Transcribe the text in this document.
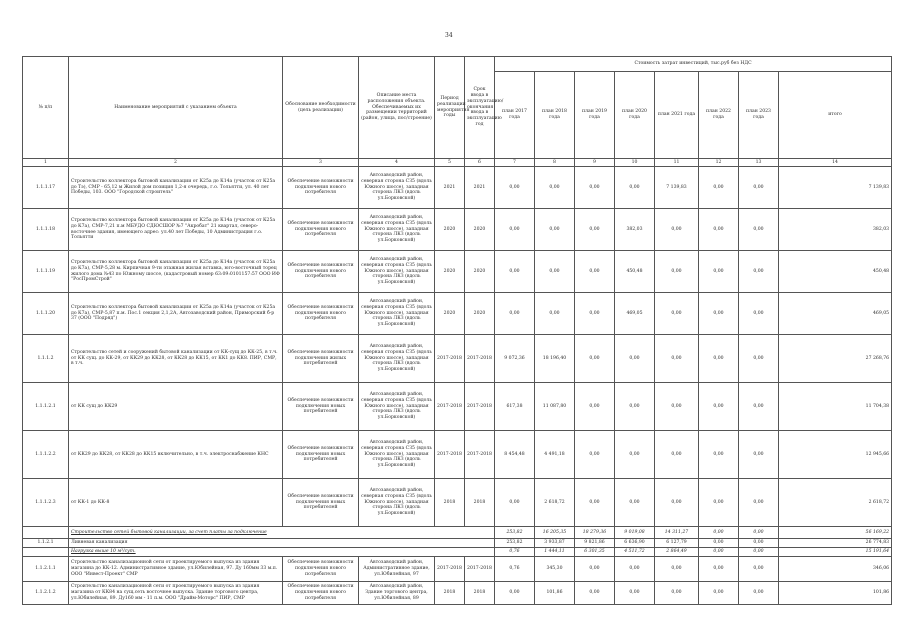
34
№ п/п	Наименование мероприятий с указанием объекта	Обоснование необходимости (цель реализации)	Описание места расположения объекта. Обеспечиваемых их размещении территорий (район, улица, пос/строение)	Период реализации мероприятия годы	Срок ввода в эксплуатацию/ окончания ввода в эксплуатацию год	Стоимость затрат инвестиций, тыс.руб без НДС							
						план 2017 года	план 2018 года	план 2019 года	план 2020 года	план 2021 года	план 2022 года	план 2023 года	итого
1	2	3	4	5	6	7	8	9	10	11	12	13	14
1.1.1.17	Строительство коллектора бытовой канализации от К25а до К14а (участок от К25а до Тэ), СМР - 65,12 м Жилой дом позиция 1,2-я очередь, г.о. Тольятти, ул. 40 лет Победы, 103. ООО "Городской строитель"	Обеспечение возможности подключения нового потребителя	Автозаводский район, северная сторона СЗ5 (вдоль Южного шоссе), западная сторона ЛКЗ (вдоль ул.Борковской)	2021	2021	0,00	0,00	0,00	0,00	7 139,83	0,00	0,00	7 139,83
1.1.1.18	Строительство коллектора бытовой канализации от К25а до К14а (участок от К25а до К7а), СМР-7,21 п.м МБУДО СДЮСШОР №7 "Акробат" 21 квартал, северо-восточнее здания, имеющего адрес: ул.40 лет Победы, 10 Администрация г.о. Тольятти	Обеспечение возможности подключения нового потребителя	Автозаводский район, северная сторона СЗ5 (вдоль Южного шоссе), западная сторона ЛКЗ (вдоль ул.Борковской)	2020	2020	0,00	0,00	0,00	382,03	0,00	0,00	0,00	382,03
1.1.1.19	Строительство коллектора бытовой канализации от К25а до К14а (участок от К25а до К7а), СМР-5,28 м. Кирпичная 9-ти этажная жилая вставка, юго-восточный торец жилого дома №43 по Южному шоссе, (кадастровый номер 63:09:0101157:57 ООО ИФ "РосПромСтрой"	Обеспечение возможности подключения нового потребителя	Автозаводский район, северная сторона СЗ5 (вдоль Южного шоссе), западная сторона ЛКЗ (вдоль ул.Борковской)	2020	2020	0,00	0,00	0,00	450,48	0,00	0,00	0,00	450,48
1.1.1.20	Строительство коллектора бытовой канализации от К25а до К14а (участок от К25а до К7а), СМР-5,87 п.м. Пос.1 секция 2,1,2А, Автозаводский район, Приморский б-р 37 (ООО "Подряд")	Обеспечение возможности подключения нового потребителя	Автозаводский район, северная сторона СЗ5 (вдоль Южного шоссе), западная сторона ЛКЗ (вдоль ул.Борковской)	2020	2020	0,00	0,00	0,00	469,05	0,00	0,00	0,00	469,05
1.1.1.2	Строительство сетей и сооружений бытовой канализации от КК-сущ до КК-25, в т.ч. от КК сущ. до КК-29, от КК29 до КК28, от КК28 до КК15, от КК1 до КК8. ПИР, СМР, в т.ч.	Обеспечение возможности подключения жилых потребителей	Автозаводский район, северная сторона СЗ5 (вдоль Южного шоссе), западная сторона ЛКЗ (вдоль ул.Борковской)	2017-2018	2017-2018	9 072,36	18 196,40	0,00	0,00	0,00	0,00	0,00	27 268,76
1.1.1.2.1	от КК сущ до КК29	Обеспечение возможности подключения новых потребителей	Автозаводский район, северная сторона СЗ5 (вдоль Южного шоссе), западная сторона ЛКЗ (вдоль ул.Борковской)	2017-2018	2017-2018	617,38	11 087,80	0,00	0,00	0,00	0,00	0,00	11 704,38
1.1.1.2.2	от КК29 до КК28, от КК28 до КК15 включительно, в т.ч. электроснабжение КНС	Обеспечение возможности подключения новых потребителей	Автозаводский район, северная сторона СЗ5 (вдоль Южного шоссе), западная сторона ЛКЗ (вдоль ул.Борковской)	2017-2018	2017-2018	8 454,48	4 491,18	0,00	0,00	0,00	0,00	0,00	12 945,66
1.1.1.2.3	от КК-1 до КК-8	Обеспечение возможности подключения новых потребителей	Автозаводский район, северная сторона СЗ5 (вдоль Южного шоссе), западная сторона ЛКЗ (вдоль ул.Борковской)	2018	2018	0,00	2 618,72	0,00	0,00	0,00	0,00	0,00	2 618,72
	Строительство сетей бытовой канализации, за счет платы за подключение					253,82	16 205,35	18 279,36	9 019,08	14 311,27	0,00	0,00	56 169,22
1.1.2.1	Ливневая канализация					253,82	3 933,87	9 821,86	6 636,90	6 127,79	0,00	0,00	26 774,83
	Нагрузка выше 10 м³/сут.					0,76	1 444,11	6 301,35	4 511,72	2 864,49	0,00	0,00	15 191,64
1.1.2.1.1	Строительство канализационной сети от проектируемого выпуска из здания магазина до КК-12. Административное здание, ул.Юбилейная, 97. Ду 160мм 33 м.п. ООО "Инвест-Проект" СМР	Обеспечение возможности подключения нового потребителя	Автозаводский район, Административное здание, ул.Юбилейная, 97	2017-2018	2017-2018	0,76	345,30	0,00	0,00	0,00	0,00	0,00	346,06
1.1.2.1.2	Строительство канализационной сети от проектируемого выпуска из здания магазина от КК84 на сущ.сеть восточнее выпуска. Здание торгового центра, ул.Юбилейная, 89. Ду160 мм - 11 п.м. ООО "Драйм-Моторс" ПИР, СМР	Обеспечение возможности подключения нового потребителя	Автозаводский район, Здание торгового центра, ул.Юбилейная, 89	2018	2018	0,00	101,86	0,00	0,00	0,00	0,00	0,00	101,86
